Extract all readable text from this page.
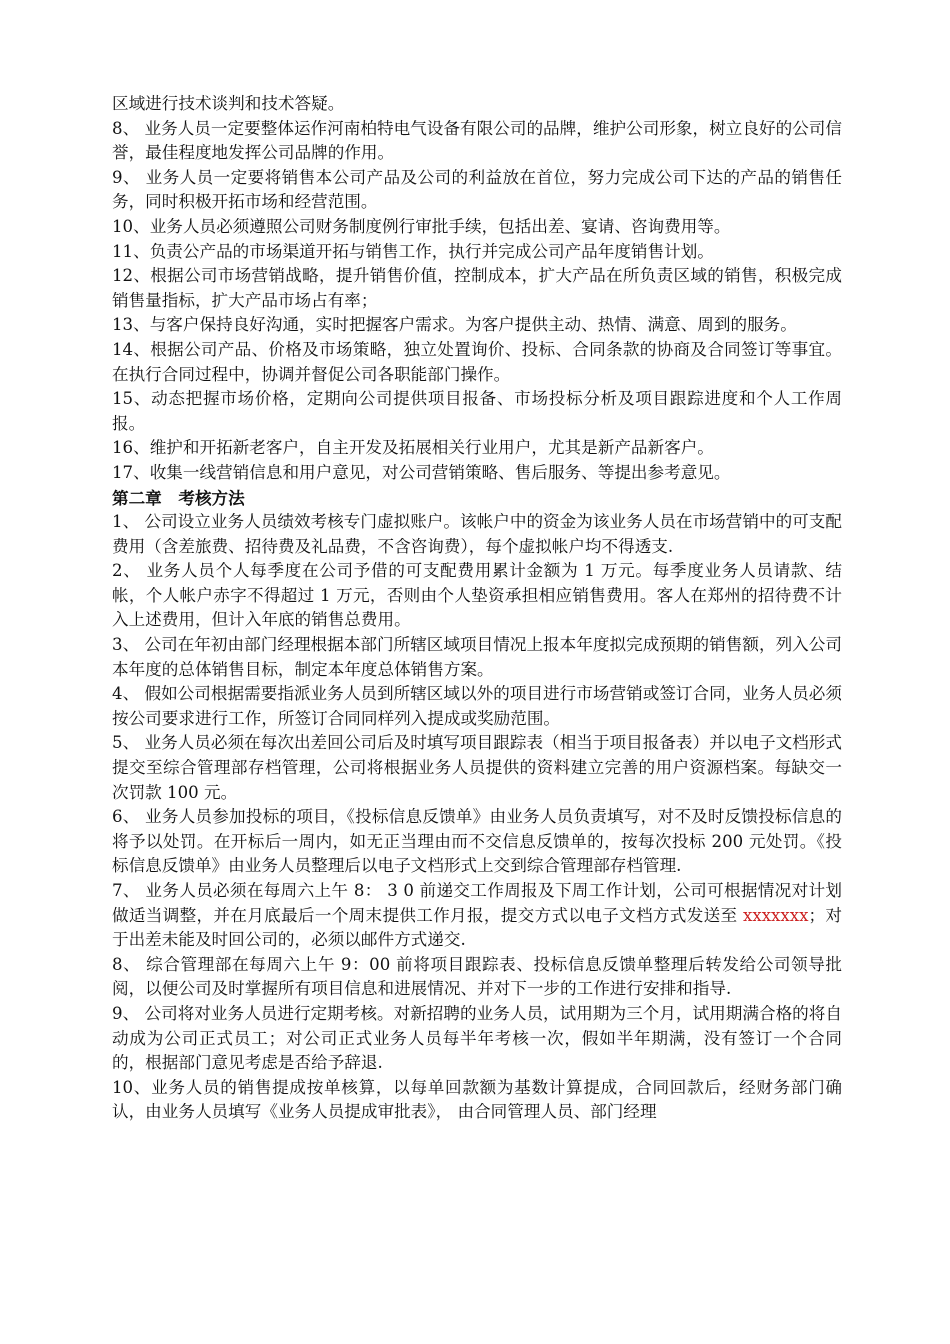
区域进行技术谈判和技术答疑。

8、 业务人员一定要整体运作河南柏特电气设备有限公司的品牌，维护公司形象，树立良好的公司信誉，最佳程度地发挥公司品牌的作用。

9、 业务人员一定要将销售本公司产品及公司的利益放在首位，努力完成公司下达的产品的销售任务，同时积极开拓市场和经营范围。

10、业务人员必须遵照公司财务制度例行审批手续，包括出差、宴请、咨询费用等。

11、负责公产品的市场渠道开拓与销售工作，执行并完成公司产品年度销售计划。

12、根据公司市场营销战略，提升销售价值，控制成本，扩大产品在所负责区域的销售，积极完成销售量指标，扩大产品市场占有率；

13、与客户保持良好沟通，实时把握客户需求。为客户提供主动、热情、满意、周到的服务。

14、根据公司产品、价格及市场策略，独立处置询价、投标、合同条款的协商及合同签订等事宜。在执行合同过程中，协调并督促公司各职能部门操作。

15、动态把握市场价格，定期向公司提供项目报备、市场投标分析及项目跟踪进度和个人工作周报。

16、维护和开拓新老客户，自主开发及拓展相关行业用户，尤其是新产品新客户。

17、收集一线营销信息和用户意见，对公司营销策略、售后服务、等提出参考意见。

第二章　考核方法

1、 公司设立业务人员绩效考核专门虚拟账户。该帐户中的资金为该业务人员在市场营销中的可支配费用（含差旅费、招待费及礼品费，不含咨询费），每个虚拟帐户均不得透支.

2、 业务人员个人每季度在公司予借的可支配费用累计金额为 1 万元。每季度业务人员请款、结帐，个人帐户赤字不得超过 1 万元，否则由个人垫资承担相应销售费用。客人在郑州的招待费不计入上述费用，但计入年底的销售总费用。

3、 公司在年初由部门经理根据本部门所辖区域项目情况上报本年度拟完成预期的销售额，列入公司本年度的总体销售目标，制定本年度总体销售方案。

4、 假如公司根据需要指派业务人员到所辖区域以外的项目进行市场营销或签订合同，业务人员必须按公司要求进行工作，所签订合同同样列入提成或奖励范围。

5、 业务人员必须在每次出差回公司后及时填写项目跟踪表（相当于项目报备表）并以电子文档形式提交至综合管理部存档管理，公司将根据业务人员提供的资料建立完善的用户资源档案。每缺交一次罚款 100 元。

6、 业务人员参加投标的项目，《投标信息反馈单》由业务人员负责填写，对不及时反馈投标信息的将予以处罚。在开标后一周内，如无正当理由而不交信息反馈单的，按每次投标 200 元处罚。《投标信息反馈单》由业务人员整理后以电子文档形式上交到综合管理部存档管理.

7、 业务人员必须在每周六上午 8： 3 0 前递交工作周报及下周工作计划，公司可根据情况对计划做适当调整，并在月底最后一个周末提供工作月报，提交方式以电子文档方式发送至 xxxxxxx；对于出差未能及时回公司的，必须以邮件方式递交.

8、 综合管理部在每周六上午 9：00 前将项目跟踪表、投标信息反馈单整理后转发给公司领导批阅，以便公司及时掌握所有项目信息和进展情况、并对下一步的工作进行安排和指导.

9、 公司将对业务人员进行定期考核。对新招聘的业务人员，试用期为三个月，试用期满合格的将自动成为公司正式员工；对公司正式业务人员每半年考核一次，假如半年期满，没有签订一个合同的，根据部门意见考虑是否给予辞退.

10、业务人员的销售提成按单核算，以每单回款额为基数计算提成，合同回款后，经财务部门确认，由业务人员填写《业务人员提成审批表》， 由合同管理人员、部门经理
